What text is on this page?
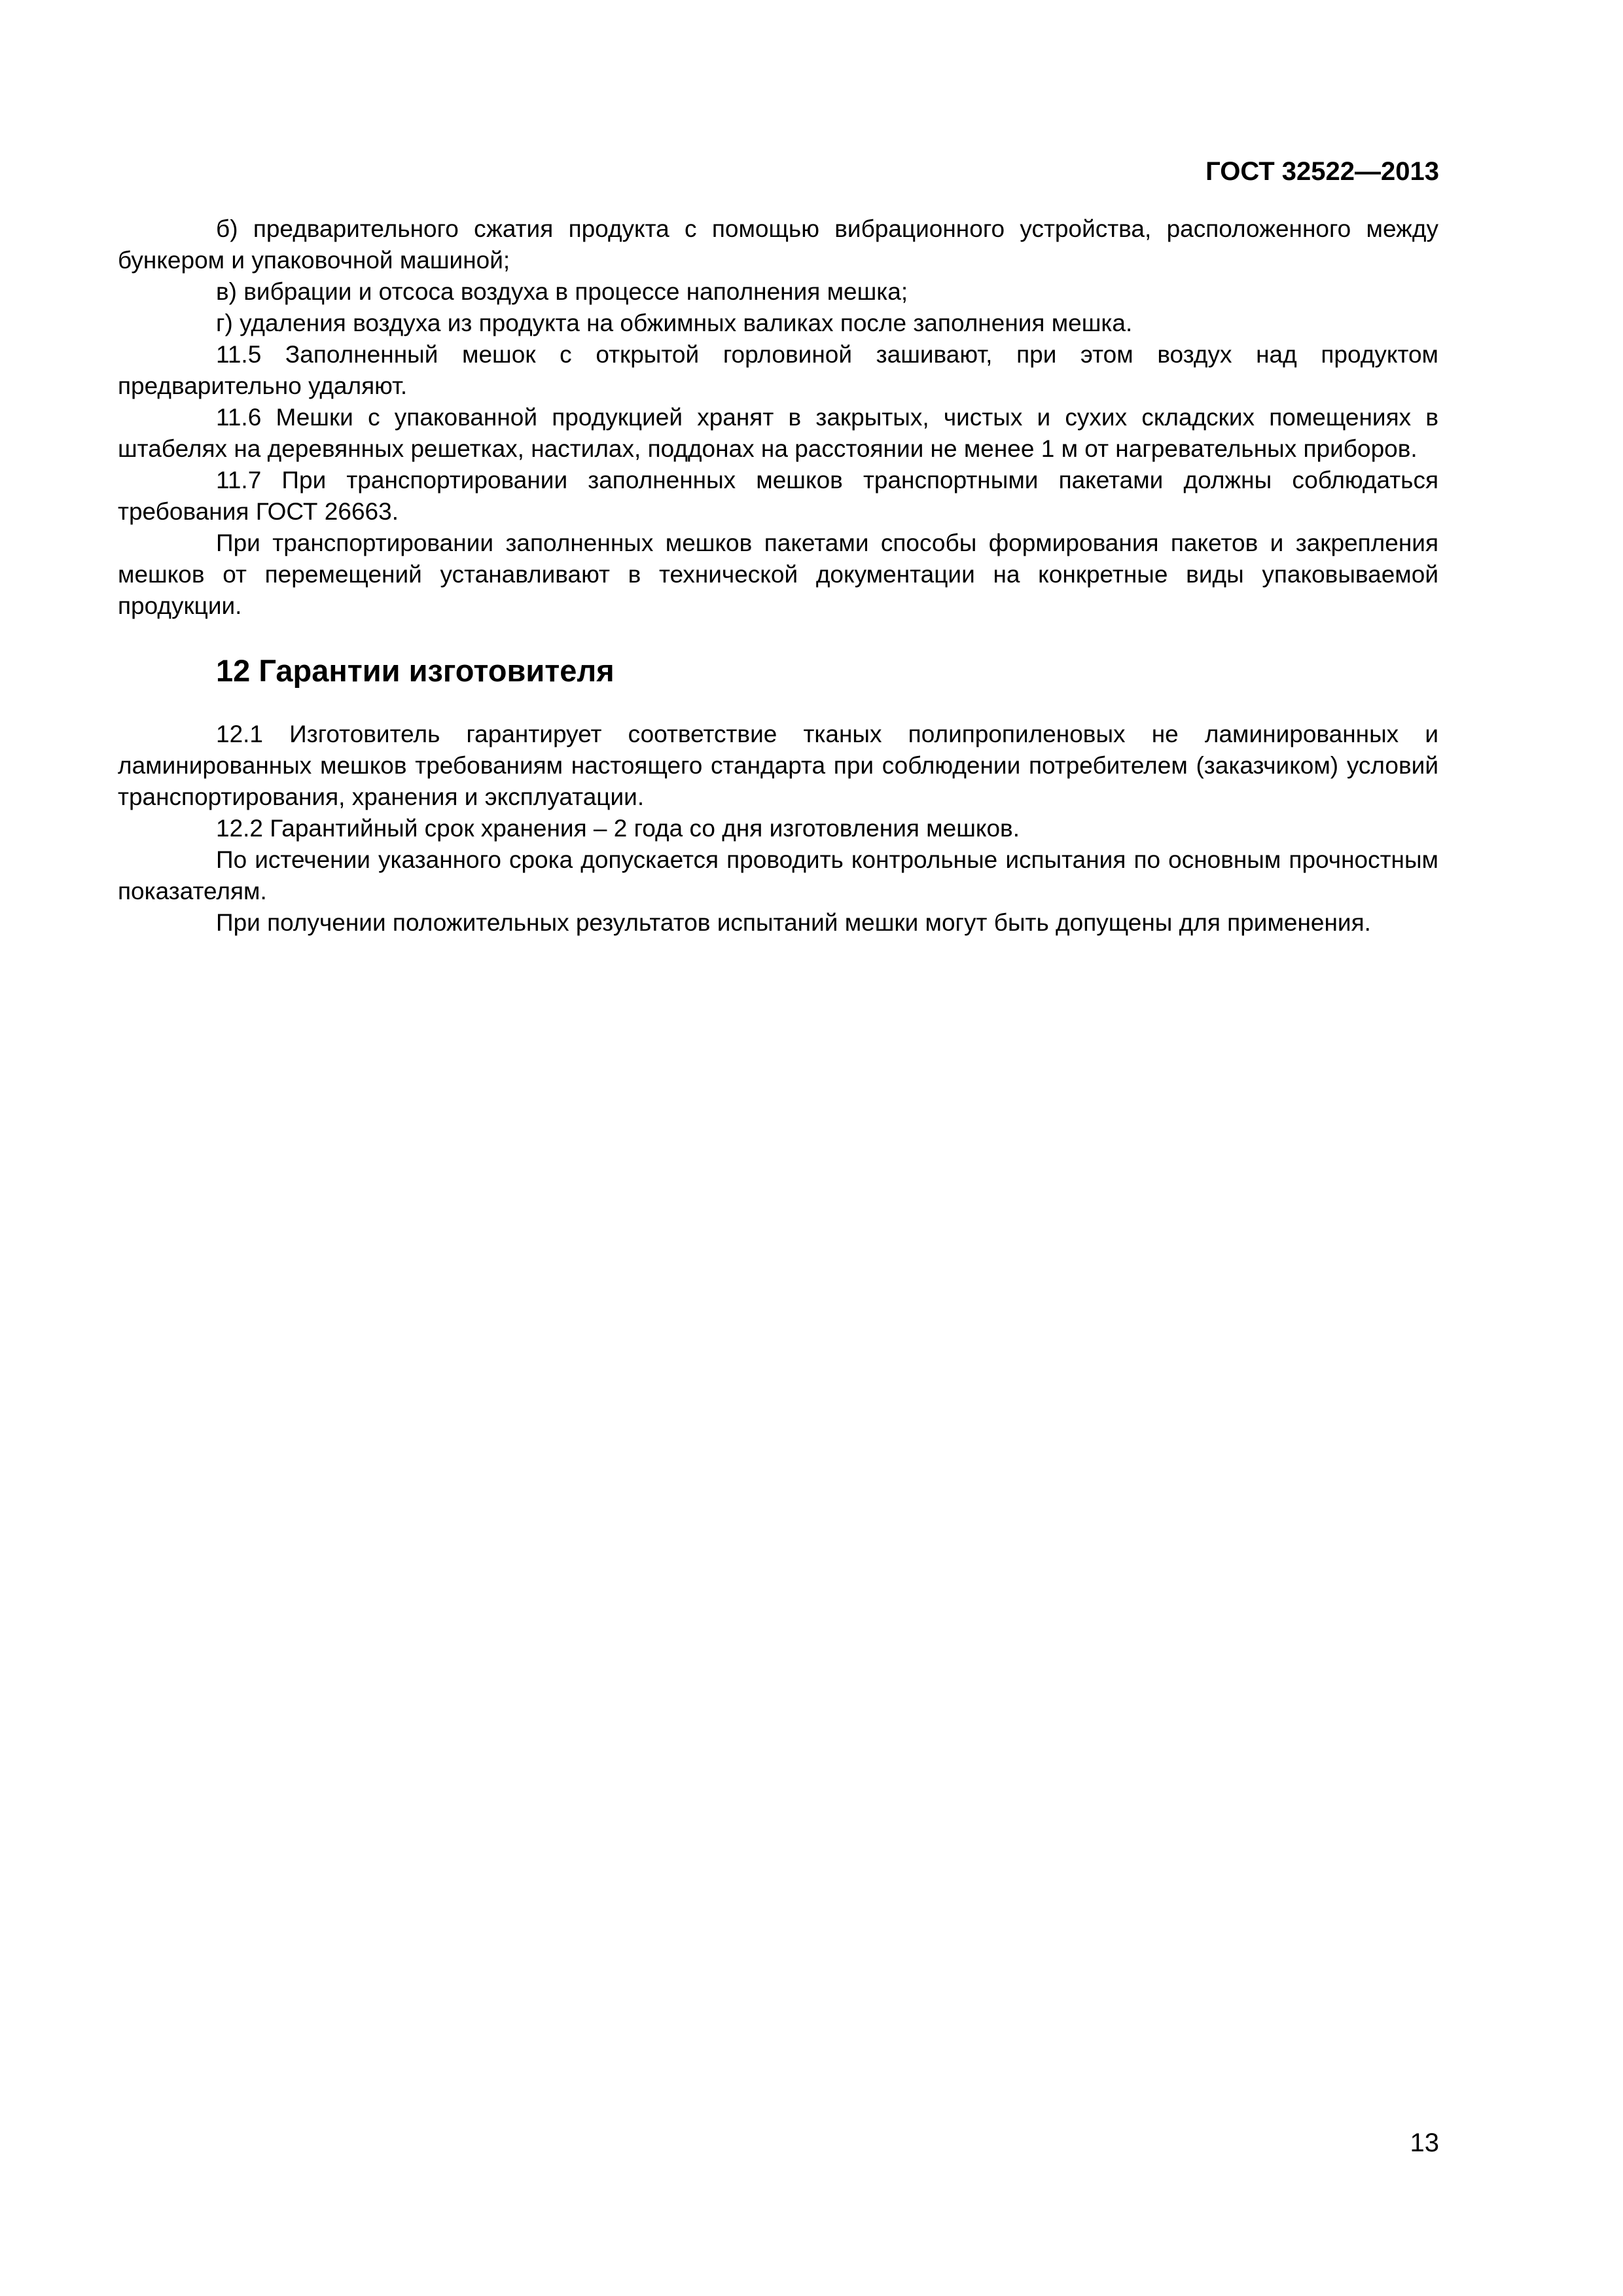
ГОСТ 32522—2013

б) предварительного сжатия продукта с помощью вибрационного устройства, расположенного между бункером и упаковочной машиной;

в) вибрации и отсоса воздуха в процессе наполнения мешка;

г) удаления воздуха из продукта на обжимных валиках после заполнения мешка.

11.5 Заполненный мешок с открытой горловиной зашивают, при этом воздух над продуктом предварительно удаляют.

11.6 Мешки с упакованной продукцией хранят в закрытых, чистых и сухих складских помещениях в штабелях на деревянных решетках, настилах, поддонах на расстоянии не менее 1 м от нагревательных приборов.

11.7 При транспортировании заполненных мешков транспортными пакетами должны соблюдаться требования ГОСТ 26663.

При транспортировании заполненных мешков пакетами способы формирования пакетов и закрепления мешков от перемещений устанавливают в технической документации на конкретные виды упаковываемой продукции.

12 Гарантии изготовителя

12.1 Изготовитель гарантирует соответствие тканых полипропиленовых не ламинированных и ламинированных мешков требованиям настоящего стандарта при соблюдении потребителем (заказчиком) условий транспортирования, хранения и эксплуатации.

12.2 Гарантийный срок хранения – 2 года со дня изготовления мешков.

По истечении указанного срока допускается проводить контрольные испытания по основным прочностным показателям.

При получении положительных результатов испытаний мешки могут быть допущены для применения.

13
